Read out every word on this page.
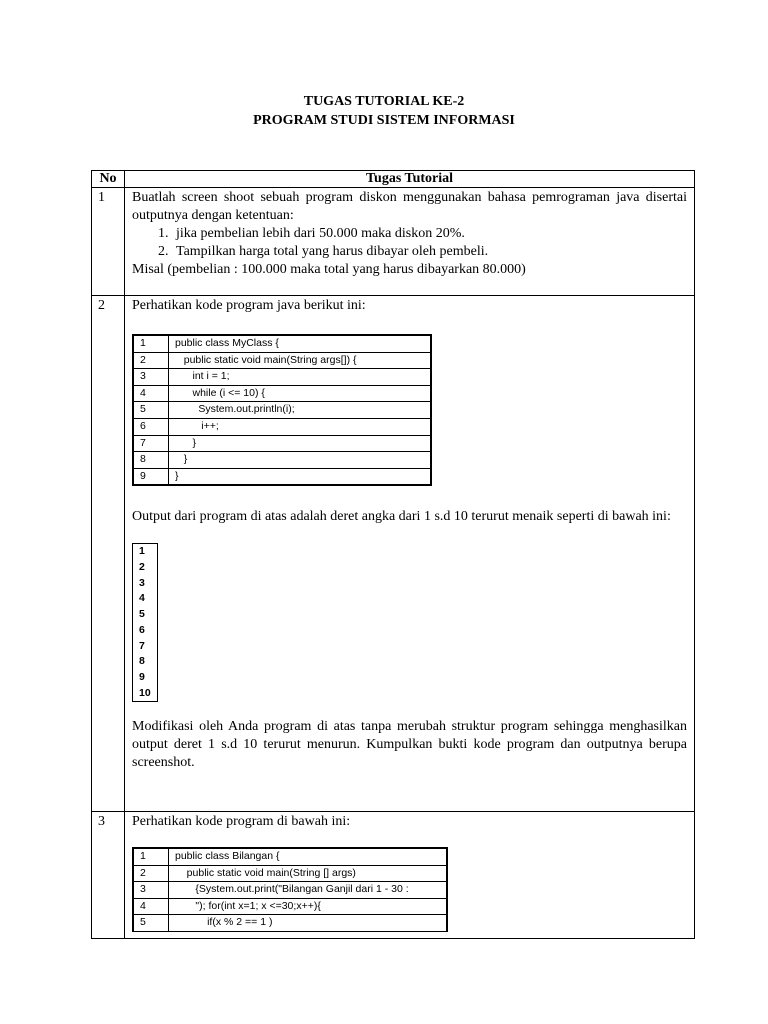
TUGAS TUTORIAL KE-2
PROGRAM STUDI SISTEM INFORMASI
No	Tugas Tutorial
1	Buatlah screen shoot sebuah program diskon menggunakan bahasa pemrograman java disertai outputnya dengan ketentuan:

1. jika pembelian lebih dari 50.000 maka diskon 20%.
2. Tampilkan harga total yang harus dibayar oleh pembeli.

Misal (pembelian : 100.000 maka total yang harus dibayarkan 80.000)

2	Perhatikan kode program java berikut ini:

1	public class MyClass {
2	public static void main(String args[]) {
3	int i = 1;
4	while (i <= 10) {
5	System.out.println(i);
6	i++;
7	}
8	}
9	}

Output dari program di atas adalah deret angka dari 1 s.d 10 terurut menaik seperti di bawah ini:

1
2
3
4
5
6
7
8
9
10

Modifikasi oleh Anda program di atas tanpa merubah struktur program sehingga menghasilkan output deret 1 s.d 10 terurut menurun. Kumpulkan bukti kode program dan outputnya berupa screenshot.

3	Perhatikan kode program di bawah ini:

1	public class Bilangan {
2	public static void main(String [] args)
3	{System.out.print("Bilangan Ganjil dari 1 - 30 :
4	"); for(int x=1; x <=30;x++){
5	if(x % 2 == 1 )
